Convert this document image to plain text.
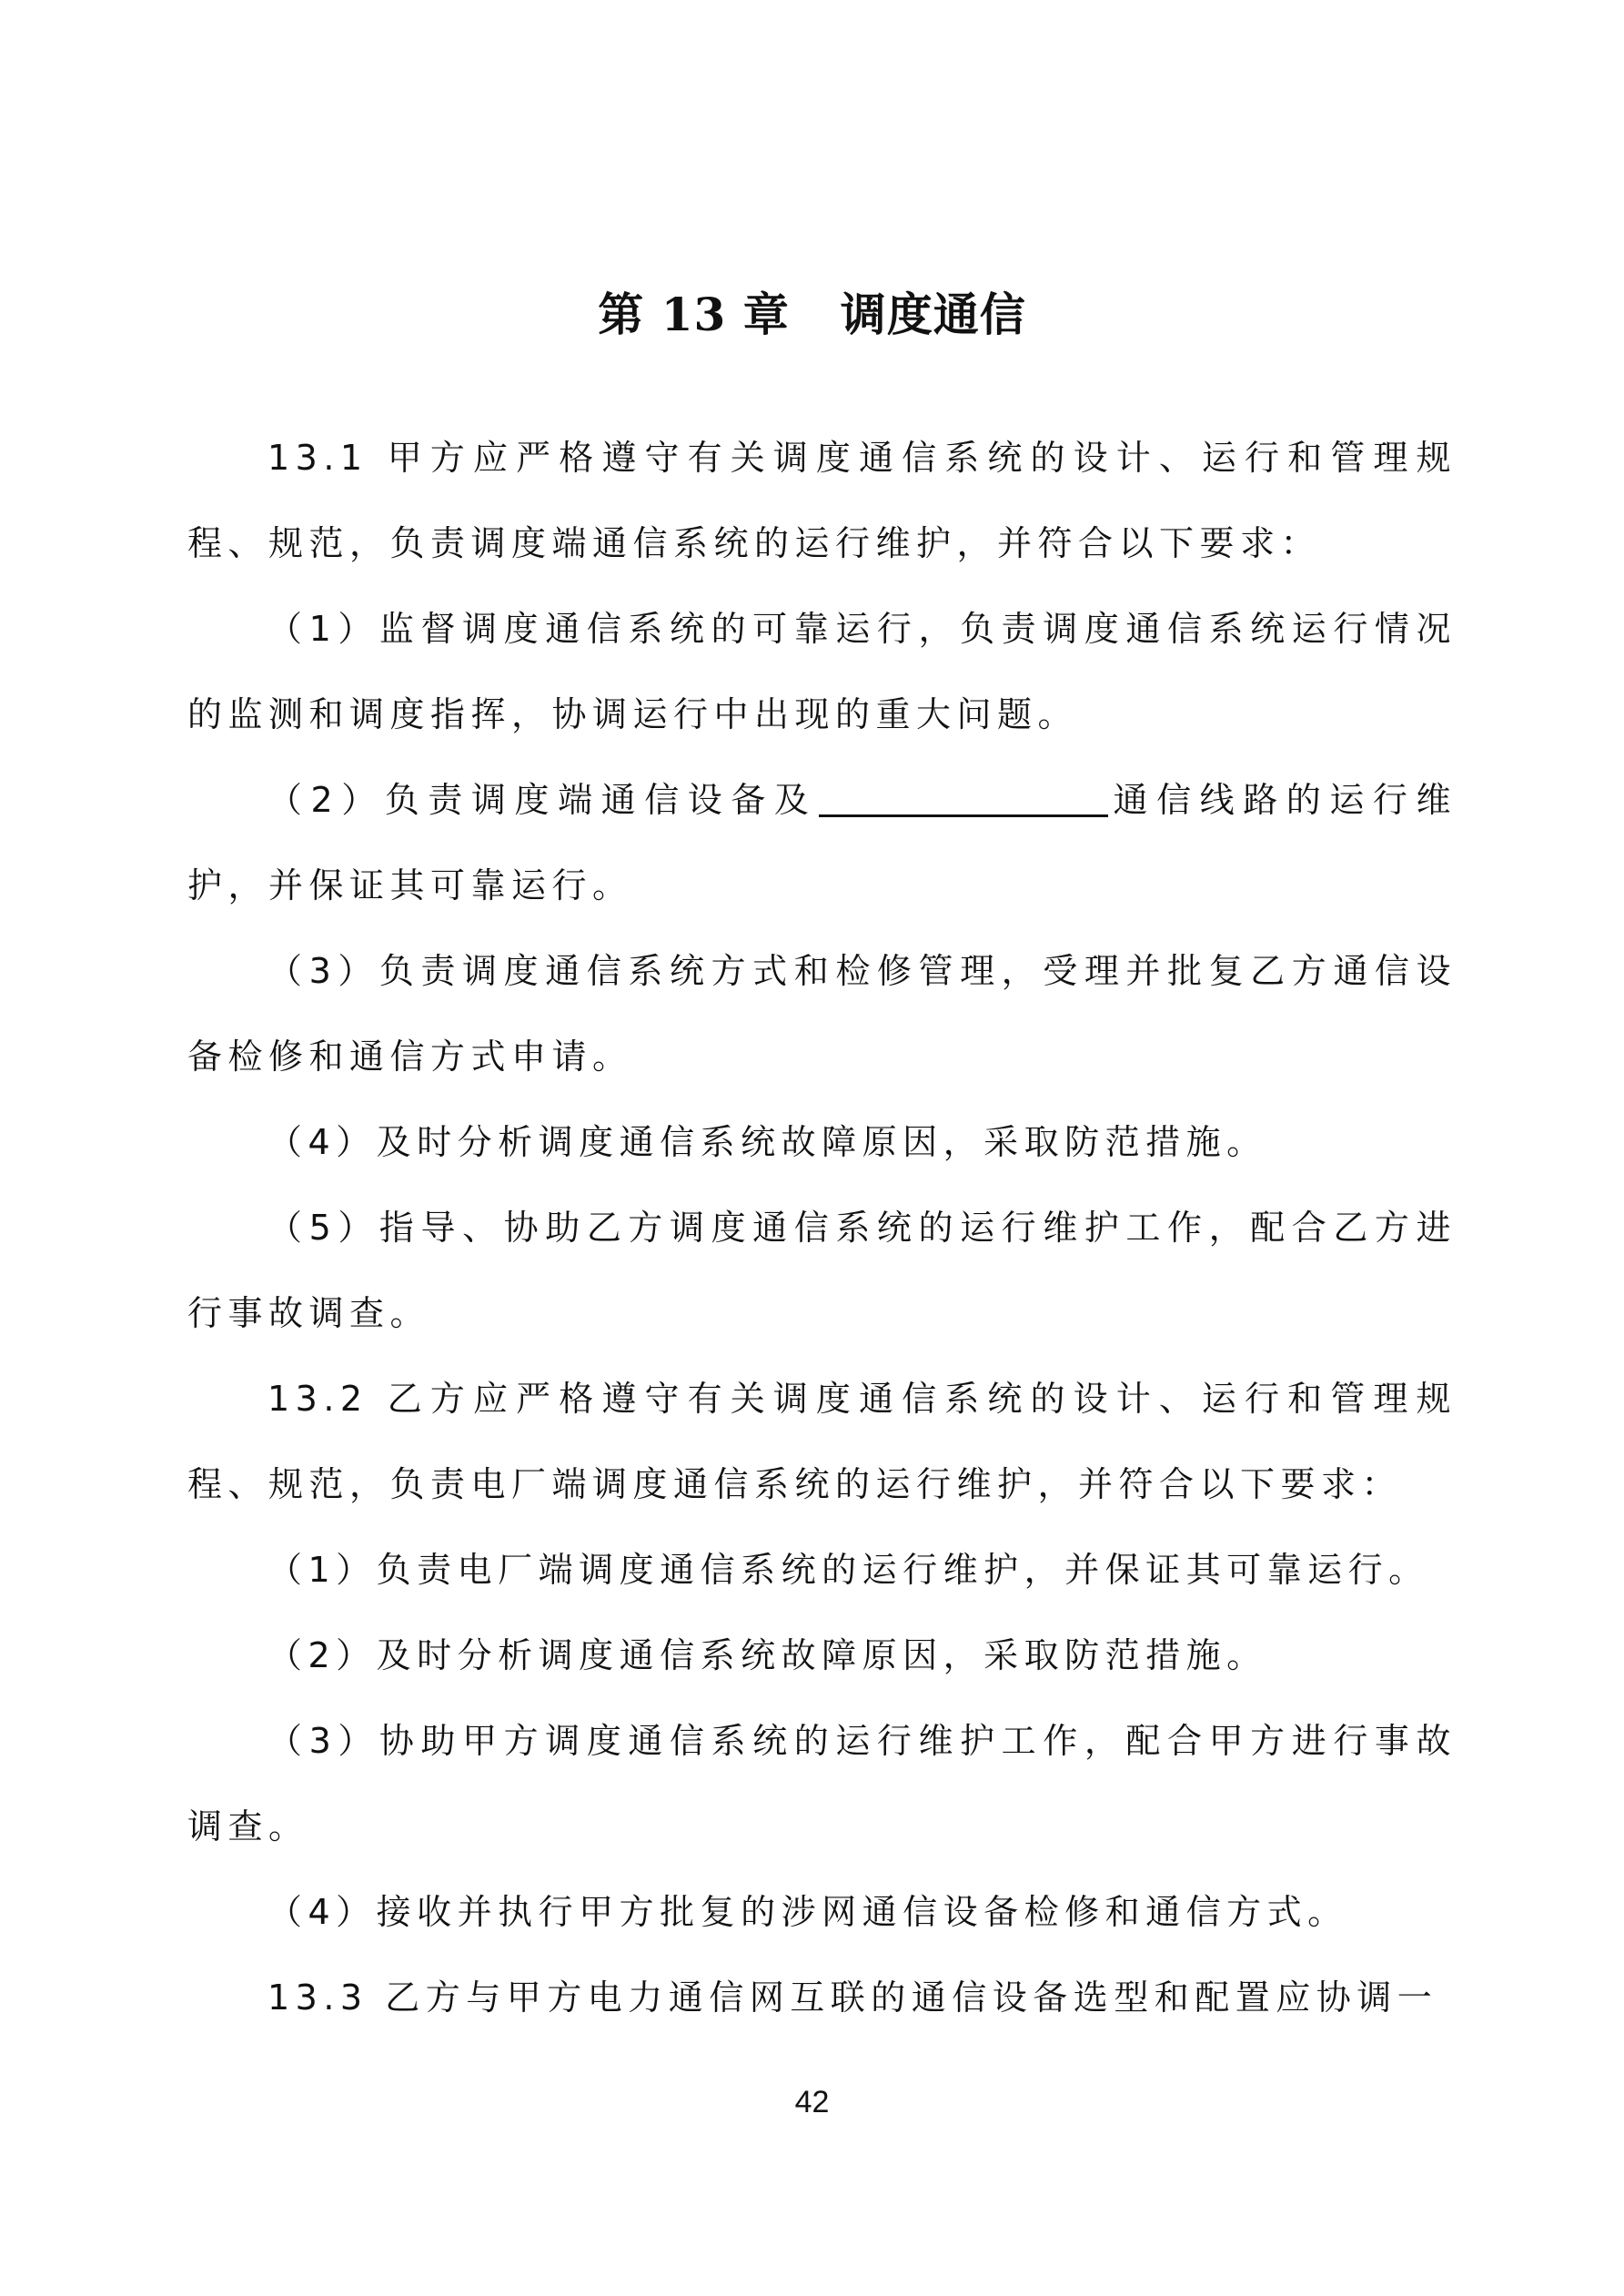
第 13 章 调度通信

13.1 甲方应严格遵守有关调度通信系统的设计、运行和管理规程、规范，负责调度端通信系统的运行维护，并符合以下要求：

（1）监督调度通信系统的可靠运行，负责调度通信系统运行情况的监测和调度指挥，协调运行中出现的重大问题。

（2）负责调度端通信设备及	通信线路的运行维护，并保证其可靠运行。

（3）负责调度通信系统方式和检修管理，受理并批复乙方通信设备检修和通信方式申请。

（4）及时分析调度通信系统故障原因，采取防范措施。

（5）指导、协助乙方调度通信系统的运行维护工作，配合乙方进行事故调查。

13.2 乙方应严格遵守有关调度通信系统的设计、运行和管理规程、规范，负责电厂端调度通信系统的运行维护，并符合以下要求：

（1）负责电厂端调度通信系统的运行维护，并保证其可靠运行。

（2）及时分析调度通信系统故障原因，采取防范措施。

（3）协助甲方调度通信系统的运行维护工作，配合甲方进行事故调查。

（4）接收并执行甲方批复的涉网通信设备检修和通信方式。

13.3 乙方与甲方电力通信网互联的通信设备选型和配置应协调一

42
